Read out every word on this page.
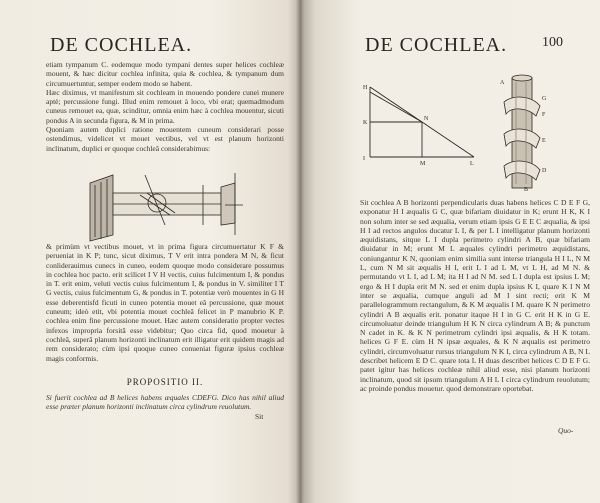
DE COCHLEA.

etiam tympanum C. eodemque modo tympani dentes super helices cochleæ mouent, & hæc dicitur cochlea infinita, quia & cochlea, & tympanum dum circumuertuntur, semper eodem modo se habent.

Hæc diximus, vt manifestum sit cochleam in mouendo pondere cunei munere aptè; percussione fungi. Illud enim remouet à loco, vbi erat; quemadmodum cuneus remouet ea, quæ, scinditur, omnia enim hæc à cochlea mouentur, sicuti pondus A in secunda figura, & M in prima.

Quoniam autem duplici ratione mouentem cuneum considerari posse ostendimus, videlicet vt mouet vectibus, vel vt est planum horizonti inclinatum, duplici er quoque cochleâ considerabimus:

& primùm vt vectibus mouet, vt in prima figura circumuertatur K F & perueniat in K P; tunc, sicut diximus, T V erit intra pondera M N, & ficut conliderauimus cunecs in cuneo, eodem quoque modo considerare possumus in cochlea hoc pacto. erit scilicet I V H vectis, cuius fulcimentum I, & pondus in T. erit enim, veluti vectis cuius fulcimentum I, & pondus in V. similiter I T G vectis, cuius fulcimentum G, & pondus in T. potentiæ verò mouentes in G H esse deberentisfd ficuti in cuneo potentia mouet eâ percussione, quæ mouet cuneum; ideò etit, vbi potentia mouet cochleâ felicet in P manubrio K P. cochlea enim fine percussione mouet. Hæc autem consideratio propter vectes infexos impropria forsitâ esse videbitur; Quo circa fid, quod mouetur à cochleâ, superâ planum horizonti inclinatum erit illigatur erit quidem magis ad rem considerato; cùm ipsi quoque cuneo conueniat figuræ ipsius cochleæ magis conformis.

PROPOSITIO II.
Si fuerit cochlea ad B helices habens æquales CDEFG. Dico has nihil aliud esse præter planum horizonti inclinatum circa cylindrum reuolutum.
Sit
DE COCHLEA. 100
H
K
I
N
M	L
A
G
F
E
D
B

Sit cochlea A B horizonti perpendicularis duas habens helices C D E F G, exponatur H I æqualis G C, quæ bifariam diuidatur in K; erunt H K, K I non solum inter se sed æqualia, verum etiam ipsis G E E C æqualia, & ipsi H I ad rectos angulos ducatur L I, & per L I intelligatur planum horizonti æquidistans, sitque L I dupla perimetro cylindri A B, quæ bifariam diuidatur in M; erunt M L æquales cylindri perimetro æquidistans, coniungantur K N, quoniam enim similia sunt interse triangula H I L, N M L, cum N M sit æqualis H I, erit L I ad L M, vt L H, ad M N. & permutando vt L I, ad L M; ita H I ad N M. sed L I dupla est ipsius L M; ergo & H I dupla erit M N. sed et enim dupla ipsius K I, quare K I N M inter se æqualia, cumque anguli ad M I sint recti; erit K M parallelogrammum rectangulum, & K M æqualis I M. quare K N perimetro cylindri A B æqualis erit. ponatur itaque H I in G C. erit H K in G E. circumoluatur deinde triangulum H K N circa cylindrum A B; & punctum N cadet in K. & K N perimetrum cylindri ipsi æqualis, & H K totam. helices G F E. cùm H N ipsæ æquales, & K N æqualis est perimetro cylindri, circumvoluatur rursus triangulum N K I, circa cylindrum A B, N L describet helicem E D C. quare tota L H duas describet helices C D E F G. patet igitur has helices cochleæ nihil aliud esse, nisi planum horizonti inclinatum, quod sit ipsum triangulum A H L I circa cylindrum reuolutum; ac proinde pondus mouetur. quod demonstrare oportebat.

Quo-
